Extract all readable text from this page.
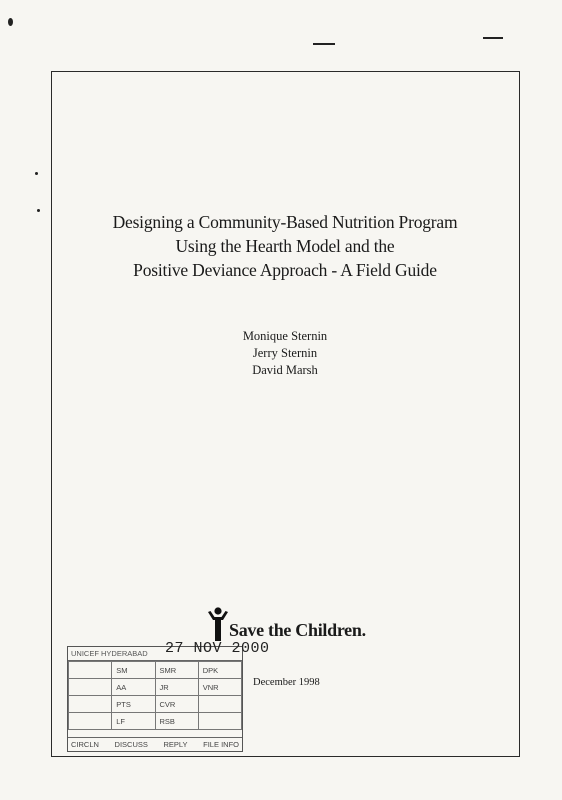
Designing a Community-Based Nutrition Program
Using the Hearth Model and the
Positive Deviance Approach - A Field Guide
Monique Sternin
Jerry Sternin
David Marsh
Save the Children.
December 1998
UNICEF HYDERABAD
	SM	SMR	DPK
	AA	JR	VNR
	PTS	CVR	
	LF	RSB	
CIRCLN DISCUSS REPLY FILE INFO
27 NOV 2000
